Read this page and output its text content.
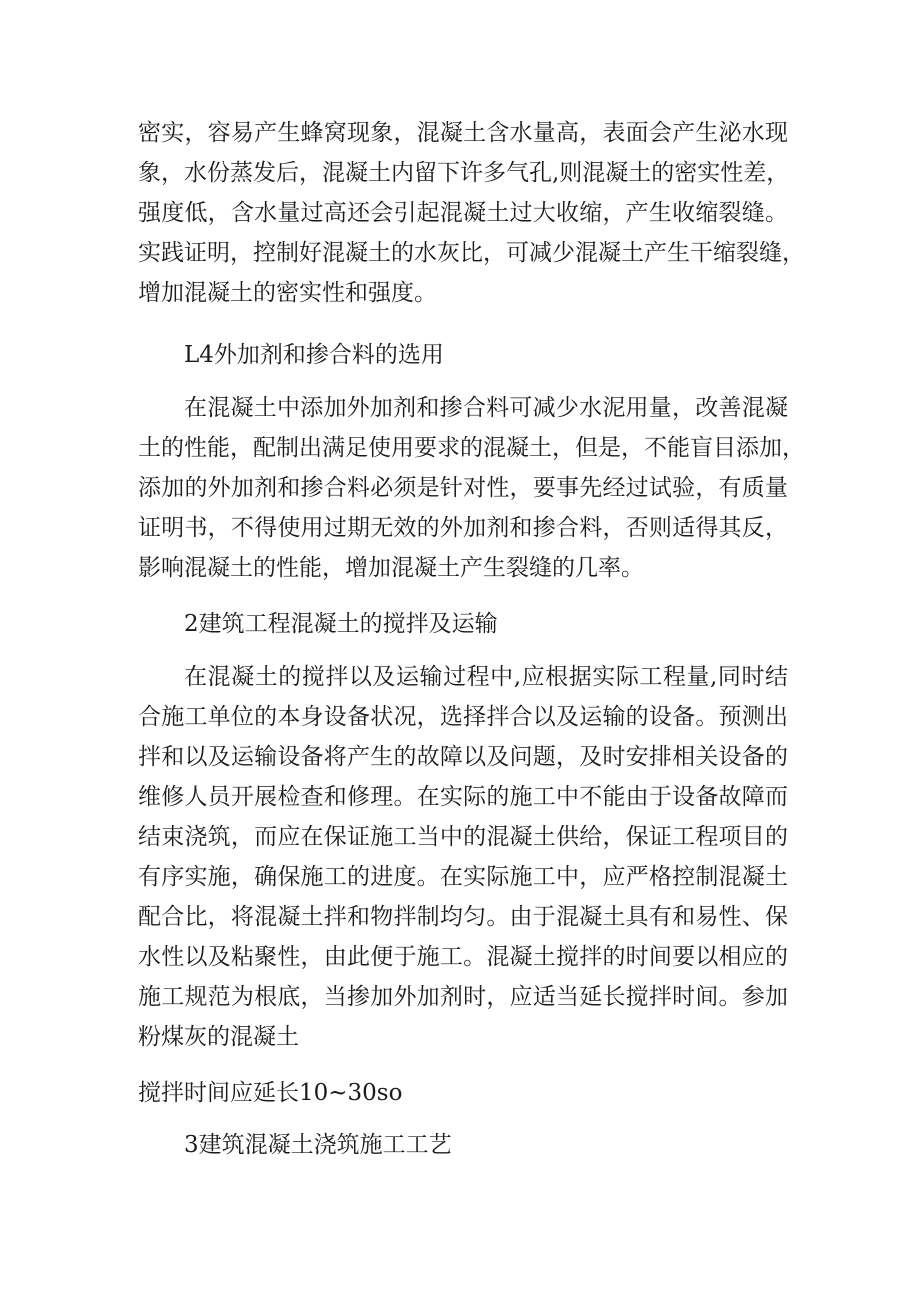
密实，容易产生蜂窝现象，混凝土含水量高，表面会产生泌水现
象，水份蒸发后，混凝土内留下许多气孔,则混凝土的密实性差，
强度低，含水量过高还会引起混凝土过大收缩，产生收缩裂缝。
实践证明，控制好混凝土的水灰比，可减少混凝土产生干缩裂缝，
增加混凝土的密实性和强度。
L4外加剂和掺合料的选用
在混凝土中添加外加剂和掺合料可减少水泥用量，改善混凝
土的性能，配制出满足使用要求的混凝土，但是，不能盲目添加，
添加的外加剂和掺合料必须是针对性，要事先经过试验，有质量
证明书，不得使用过期无效的外加剂和掺合料，否则适得其反，
影响混凝土的性能，增加混凝土产生裂缝的几率。
2建筑工程混凝土的搅拌及运输
在混凝土的搅拌以及运输过程中,应根据实际工程量,同时结
合施工单位的本身设备状况，选择拌合以及运输的设备。预测出
拌和以及运输设备将产生的故障以及问题，及时安排相关设备的
维修人员开展检查和修理。在实际的施工中不能由于设备故障而
结束浇筑，而应在保证施工当中的混凝土供给，保证工程项目的
有序实施，确保施工的进度。在实际施工中，应严格控制混凝土
配合比，将混凝土拌和物拌制均匀。由于混凝土具有和易性、保
水性以及粘聚性，由此便于施工。混凝土搅拌的时间要以相应的
施工规范为根底，当掺加外加剂时，应适当延长搅拌时间。参加
粉煤灰的混凝土
搅拌时间应延长10~30so
3建筑混凝土浇筑施工工艺
